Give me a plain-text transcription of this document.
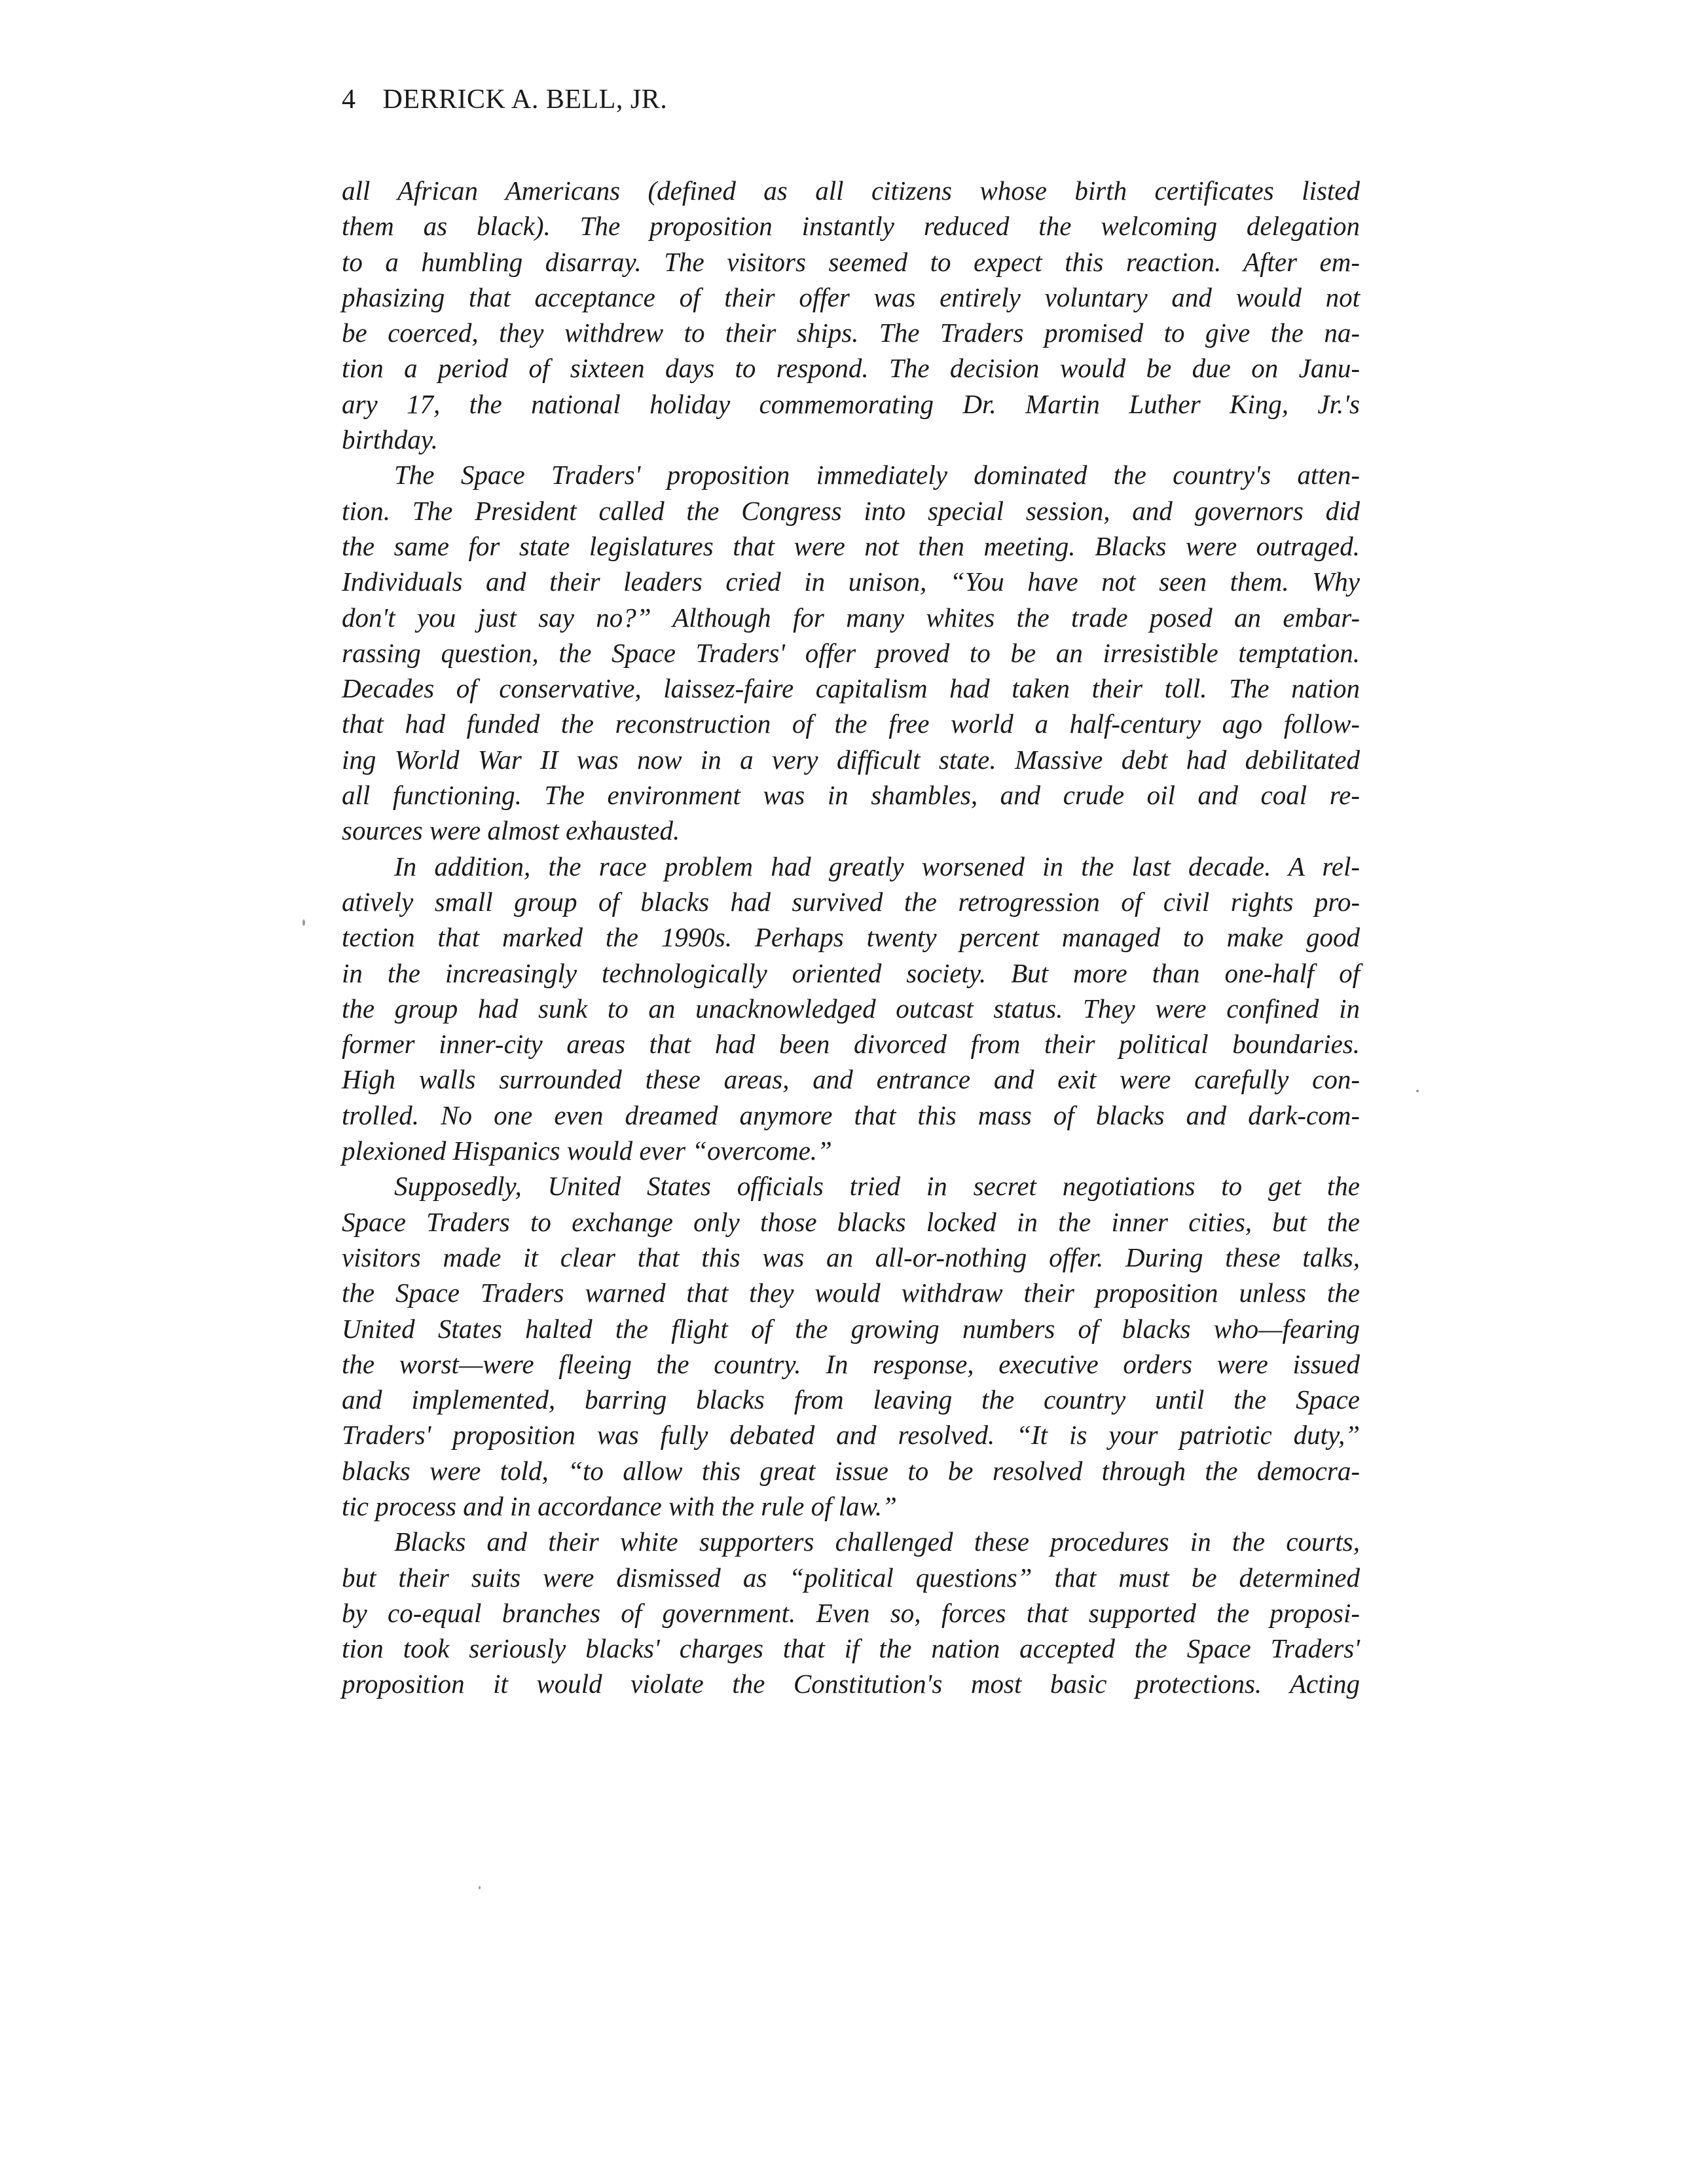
4 DERRICK A. BELL, JR.
all African Americans (defined as all citizens whose birth certificates listed
them as black). The proposition instantly reduced the welcoming delegation
to a humbling disarray. The visitors seemed to expect this reaction. After em-
phasizing that acceptance of their offer was entirely voluntary and would not
be coerced, they withdrew to their ships. The Traders promised to give the na-
tion a period of sixteen days to respond. The decision would be due on Janu-
ary 17, the national holiday commemorating Dr. Martin Luther King, Jr.'s
birthday.
The Space Traders' proposition immediately dominated the country's atten-
tion. The President called the Congress into special session, and governors did
the same for state legislatures that were not then meeting. Blacks were outraged.
Individuals and their leaders cried in unison, “You have not seen them. Why
don't you just say no?” Although for many whites the trade posed an embar-
rassing question, the Space Traders' offer proved to be an irresistible temptation.
Decades of conservative, laissez-faire capitalism had taken their toll. The nation
that had funded the reconstruction of the free world a half-century ago follow-
ing World War II was now in a very difficult state. Massive debt had debilitated
all functioning. The environment was in shambles, and crude oil and coal re-
sources were almost exhausted.
In addition, the race problem had greatly worsened in the last decade. A rel-
atively small group of blacks had survived the retrogression of civil rights pro-
tection that marked the 1990s. Perhaps twenty percent managed to make good
in the increasingly technologically oriented society. But more than one-half of
the group had sunk to an unacknowledged outcast status. They were confined in
former inner-city areas that had been divorced from their political boundaries.
High walls surrounded these areas, and entrance and exit were carefully con-
trolled. No one even dreamed anymore that this mass of blacks and dark-com-
plexioned Hispanics would ever “overcome.”
Supposedly, United States officials tried in secret negotiations to get the
Space Traders to exchange only those blacks locked in the inner cities, but the
visitors made it clear that this was an all-or-nothing offer. During these talks,
the Space Traders warned that they would withdraw their proposition unless the
United States halted the flight of the growing numbers of blacks who—fearing
the worst—were fleeing the country. In response, executive orders were issued
and implemented, barring blacks from leaving the country until the Space
Traders' proposition was fully debated and resolved. “It is your patriotic duty,”
blacks were told, “to allow this great issue to be resolved through the democra-
tic process and in accordance with the rule of law.”
Blacks and their white supporters challenged these procedures in the courts,
but their suits were dismissed as “political questions” that must be determined
by co-equal branches of government. Even so, forces that supported the proposi-
tion took seriously blacks' charges that if the nation accepted the Space Traders'
proposition it would violate the Constitution's most basic protections. Acting
